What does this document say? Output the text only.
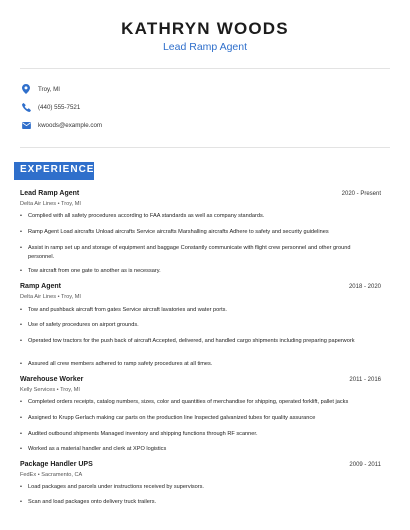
KATHRYN WOODS
Lead Ramp Agent
Troy, MI
(440) 555-7521
kwoods@example.com
EXPERIENCE
Lead Ramp Agent	2020 - Present
Delta Air Lines • Troy, MI
• Complied with all safety procedures according to FAA standards as well as company standards.
• Ramp Agent Load aircrafts Unload aircrafts Service aircrafts Marshalling aircrafts Adhere to safety and security guidelines
• Assist in ramp set up and storage of equipment and baggage Constantly communicate with flight crew personnel and other ground personnel.
• Tow aircraft from one gate to another as is necessary.
Ramp Agent	2018 - 2020
Delta Air Lines • Troy, MI
• Tow and pushback aircraft from gates Service aircraft lavatories and water ports.
• Use of safety procedures on airport grounds.
• Operated tow tractors for the push back of aircraft Accepted, delivered, and handled cargo shipments including preparing paperwork
• Assured all crew members adhered to ramp safety procedures at all times.
Warehouse Worker	2011 - 2016
Kelly Services • Troy, MI
• Completed orders receipts, catalog numbers, sizes, color and quantities of merchandise for shipping, operated forklift, pallet jacks
• Assigned to Krupp Gerlach making car parts on the production line Inspected galvanized tubes for quality assurance
• Audited outbound shipments Managed inventory and shipping functions through RF scanner.
• Worked as a material handler and clerk at XPO logistics
Package Handler UPS	2009 - 2011
FedEx • Sacramento, CA
• Load packages and parcels under instructions received by supervisors.
• Scan and load packages onto delivery truck trailers.
